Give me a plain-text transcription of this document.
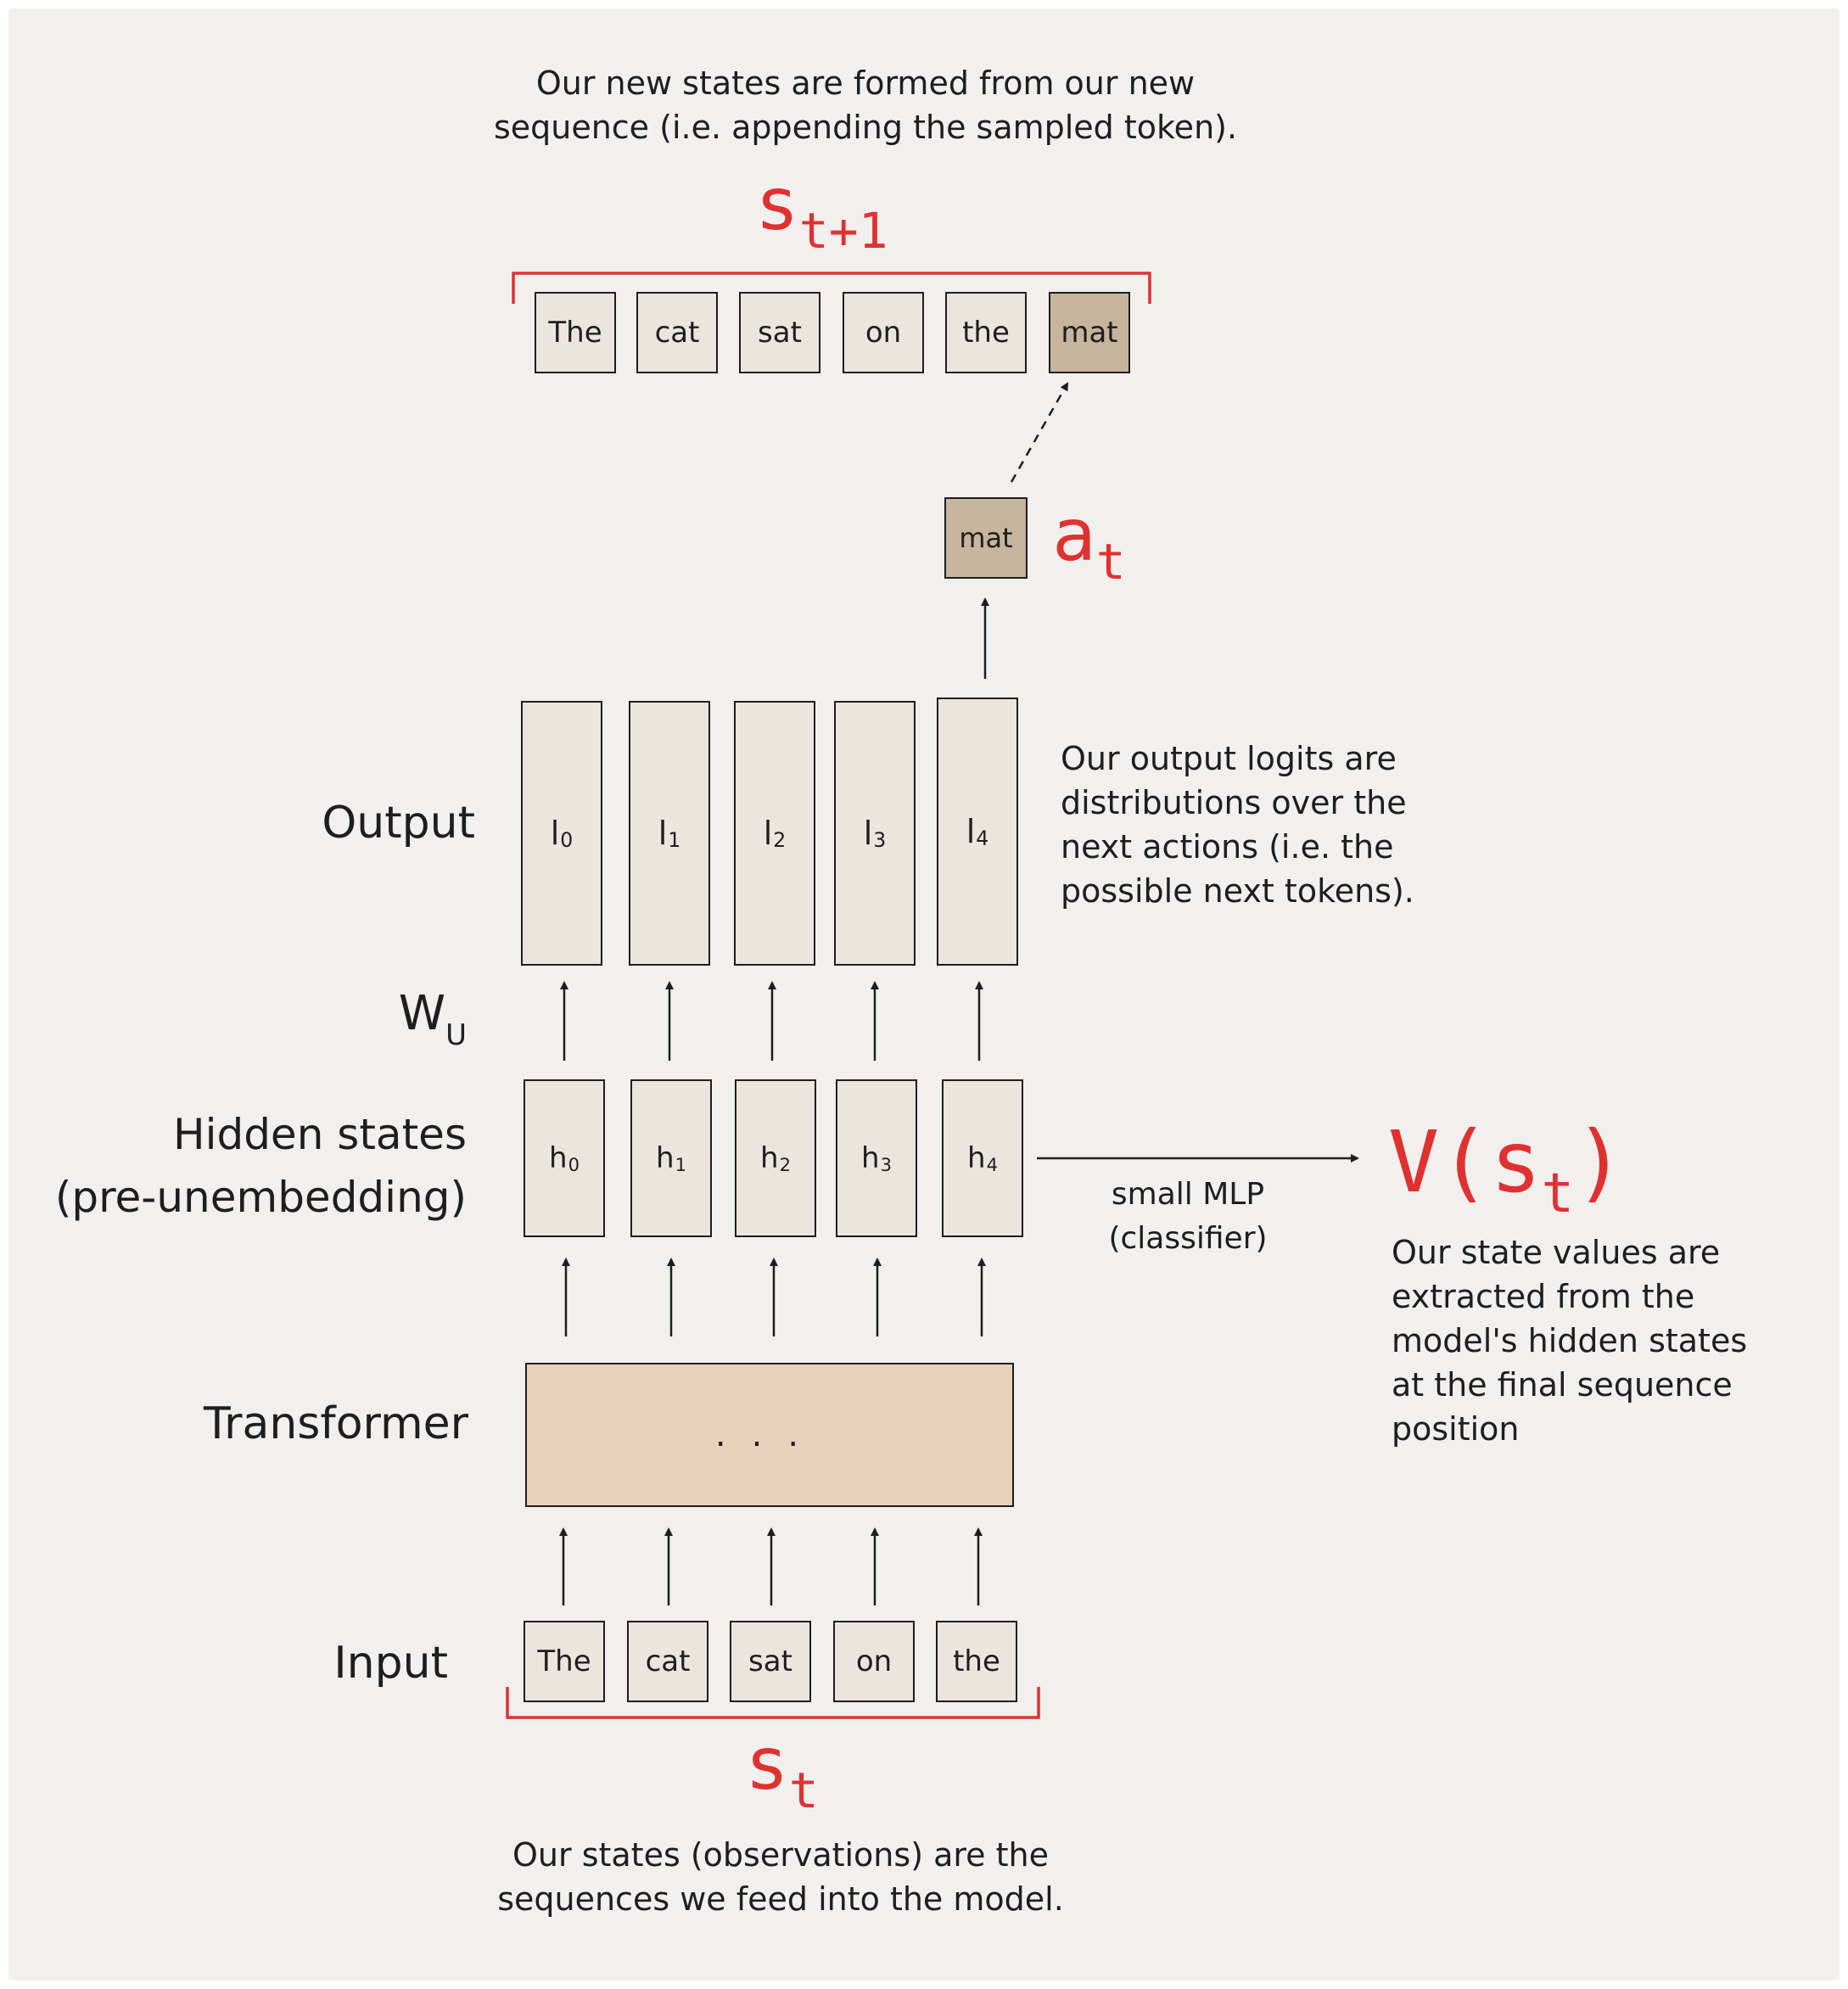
Our new states are formed from our new
sequence (i.e. appending the sampled token).
$s_{t+1}$
The	cat	sat	on	the	mat
mat $a_t$
Output
$W_U$
Hidden states
(pre-unembedding)
Transformer
Input
l 0	l 1	l 2 l 3 l 4
Our output logits are
distributions over the
next actions (i.e. the
possible next tokens).
h 0	h 1	h 2 h 3	h 4
small MLP
(classifier)
$V(s_t)$
Our state values are
extracted from the
model's hidden states
at the final sequence
position
...
The	cat	sat	on	the
$s_t$
Our states (observations) are the
sequences we feed into the model.
